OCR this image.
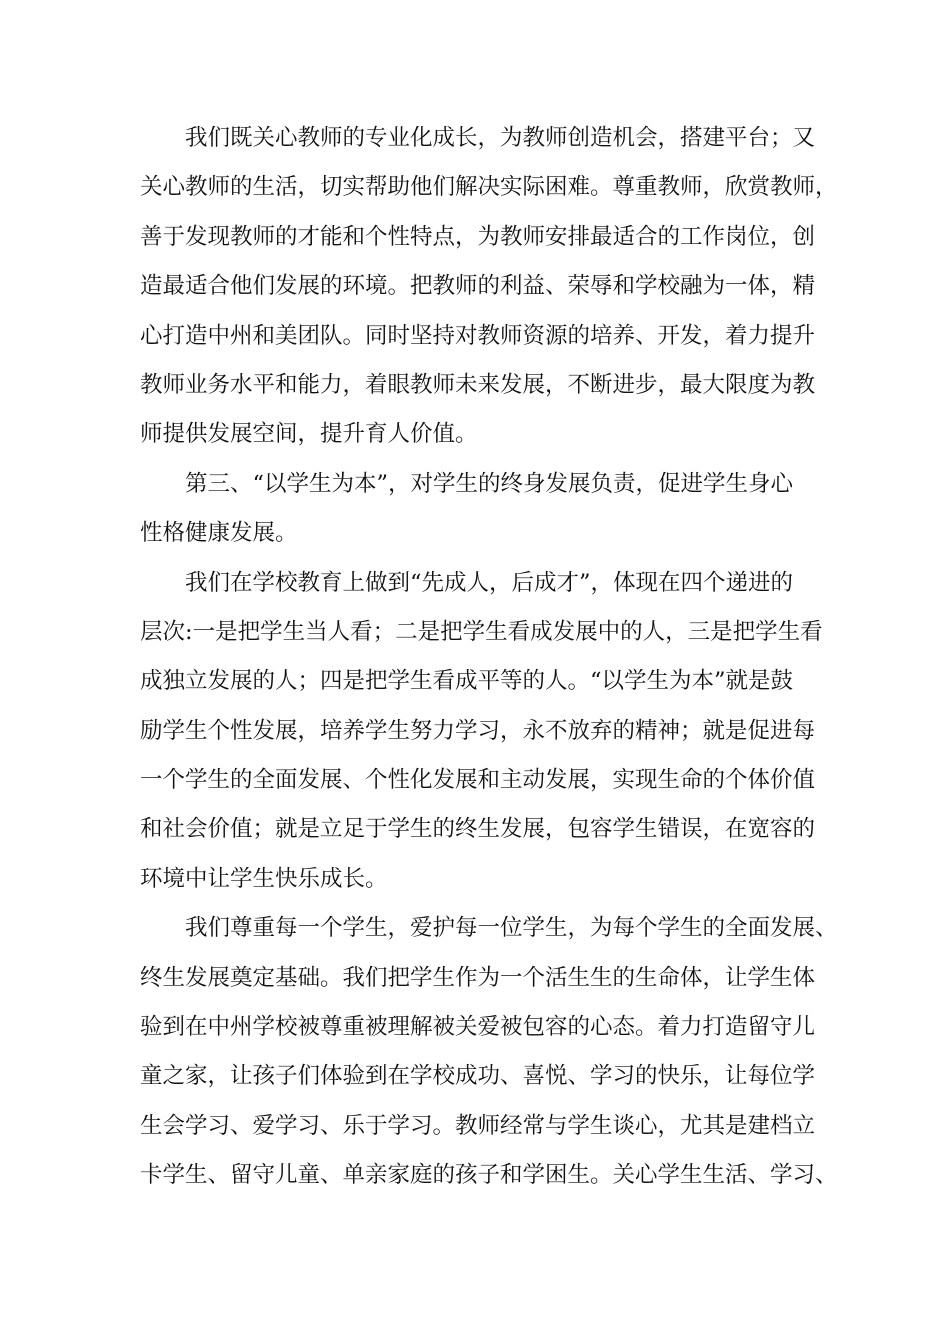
我们既关心教师的专业化成长，为教师创造机会，搭建平台；又
关心教师的生活，切实帮助他们解决实际困难。尊重教师，欣赏教师，
善于发现教师的才能和个性特点，为教师安排最适合的工作岗位，创
造最适合他们发展的环境。把教师的利益、荣辱和学校融为一体，精
心打造中州和美团队。同时坚持对教师资源的培养、开发，着力提升
教师业务水平和能力，着眼教师未来发展，不断进步，最大限度为教
师提供发展空间，提升育人价值。
第三、“以学生为本”，对学生的终身发展负责，促进学生身心
性格健康发展。
我们在学校教育上做到“先成人，后成才”，体现在四个递进的
层次:一是把学生当人看；二是把学生看成发展中的人，三是把学生看
成独立发展的人；四是把学生看成平等的人。“以学生为本”就是鼓
励学生个性发展，培养学生努力学习，永不放弃的精神；就是促进每
一个学生的全面发展、个性化发展和主动发展，实现生命的个体价值
和社会价值；就是立足于学生的终生发展，包容学生错误，在宽容的
环境中让学生快乐成长。
我们尊重每一个学生，爱护每一位学生，为每个学生的全面发展、
终生发展奠定基础。我们把学生作为一个活生生的生命体，让学生体
验到在中州学校被尊重被理解被关爱被包容的心态。着力打造留守儿
童之家，让孩子们体验到在学校成功、喜悦、学习的快乐，让每位学
生会学习、爱学习、乐于学习。教师经常与学生谈心，尤其是建档立
卡学生、留守儿童、单亲家庭的孩子和学困生。关心学生生活、学习、
